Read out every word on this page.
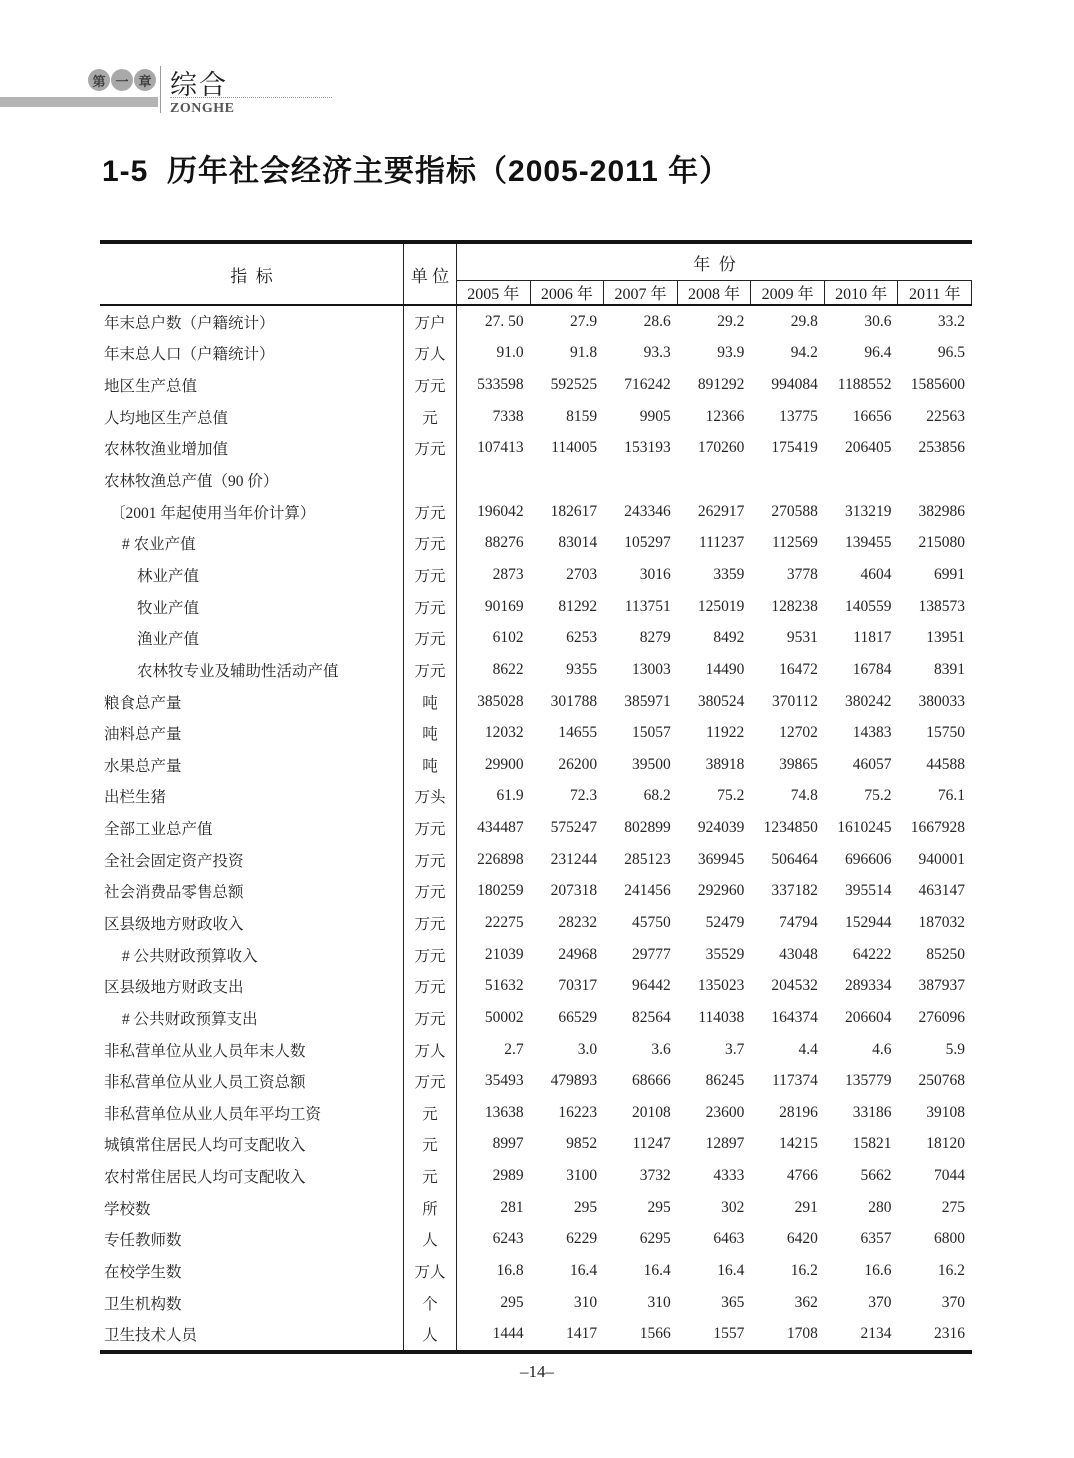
第 一 章 综合
ZONGHE
1-5  历年社会经济主要指标（2005-2011 年）
指  标	单 位
年  份
2005 年	2006 年	2007 年	2008 年	2009 年	2010 年	2011 年
年末总户数（户籍统计）	万户	27. 50	27.9	28.6	29.2	29.8	30.6	33.2
年末总人口（户籍统计）	万人	91.0	91.8	93.3	93.9	94.2	96.4	96.5
地区生产总值	万元	533598	592525	716242	891292	994084	1188552	1585600
人均地区生产总值	元	7338	8159	9905	12366	13775	16656	22563
农林牧渔业增加值	万元	107413	114005	153193	170260	175419	206405	253856
农林牧渔总产值（90 价）
〔2001 年起使用当年价计算）	万元	196042	182617	243346	262917	270588	313219	382986
# 农业产值	万元	88276	83014	105297	111237	112569	139455	215080
林业产值	万元	2873	2703	3016	3359	3778	4604	6991
牧业产值	万元	90169	81292	113751	125019	128238	140559	138573
渔业产值	万元	6102	6253	8279	8492	9531	11817	13951
农林牧专业及辅助性活动产值	万元	8622	9355	13003	14490	16472	16784	8391
粮食总产量	吨	385028	301788	385971	380524	370112	380242	380033
油料总产量	吨	12032	14655	15057	11922	12702	14383	15750
水果总产量	吨	29900	26200	39500	38918	39865	46057	44588
出栏生猪	万头	61.9	72.3	68.2	75.2	74.8	75.2	76.1
全部工业总产值	万元	434487	575247	802899	924039	1234850	1610245	1667928
全社会固定资产投资	万元	226898	231244	285123	369945	506464	696606	940001
社会消费品零售总额	万元	180259	207318	241456	292960	337182	395514	463147
区县级地方财政收入	万元	22275	28232	45750	52479	74794	152944	187032
# 公共财政预算收入	万元	21039	24968	29777	35529	43048	64222	85250
区县级地方财政支出	万元	51632	70317	96442	135023	204532	289334	387937
# 公共财政预算支出	万元	50002	66529	82564	114038	164374	206604	276096
非私营单位从业人员年末人数	万人	2.7	3.0	3.6	3.7	4.4	4.6	5.9
非私营单位从业人员工资总额	万元	35493	479893	68666	86245	117374	135779	250768
非私营单位从业人员年平均工资	元	13638	16223	20108	23600	28196	33186	39108
城镇常住居民人均可支配收入	元	8997	9852	11247	12897	14215	15821	18120
农村常住居民人均可支配收入	元	2989	3100	3732	4333	4766	5662	7044
学校数	所	281	295	295	302	291	280	275
专任教师数	人	6243	6229	6295	6463	6420	6357	6800
在校学生数	万人	16.8	16.4	16.4	16.4	16.2	16.6	16.2
卫生机构数	个	295	310	310	365	362	370	370
卫生技术人员	人	1444	1417	1566	1557	1708	2134	2316
–14–
